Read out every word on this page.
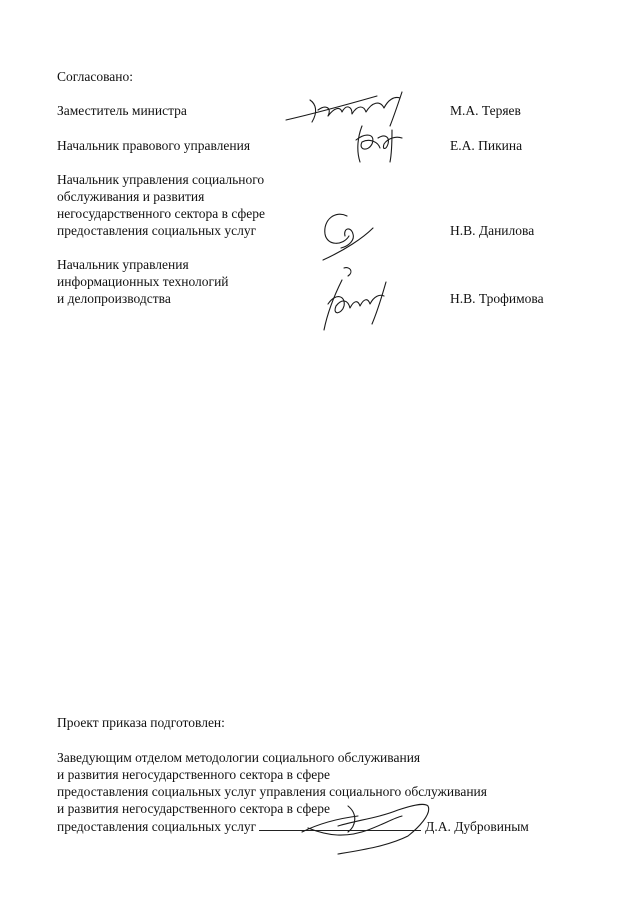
Согласовано:
Заместитель министра	М.А. Теряев
Начальник правового управления	Е.А. Пикина
Начальник управления социального
обслуживания и развития
негосударственного сектора в сфере
предоставления социальных услуг	Н.В. Данилова
Начальник управления
информационных технологий
и делопроизводства	Н.В. Трофимова
Проект приказа подготовлен:
Заведующим отделом методологии социального обслуживания
и развития негосударственного сектора в сфере
предоставления социальных услуг управления социального обслуживания
и развития негосударственного сектора в сфере
предоставления социальных услуг	Д.А. Дубровиным
